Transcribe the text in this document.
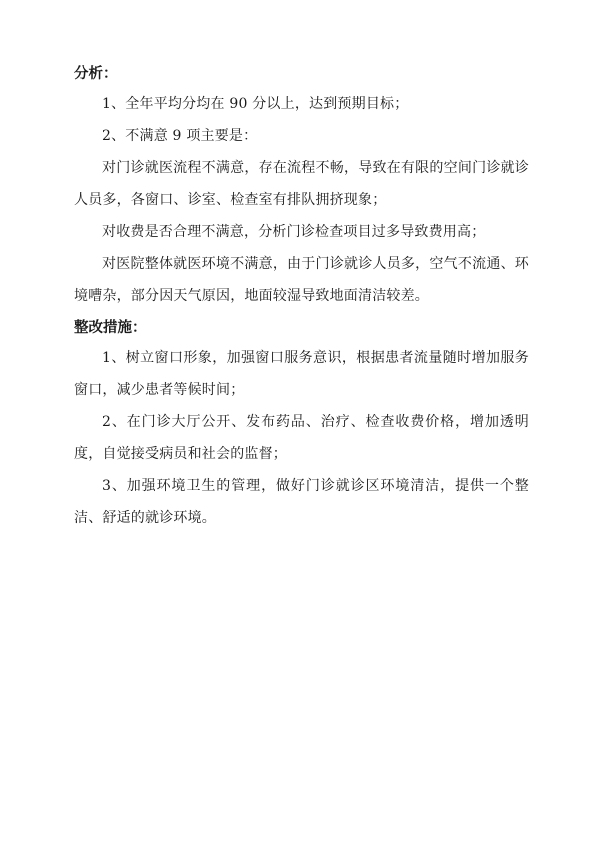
分析：
1、全年平均分均在 90 分以上，达到预期目标；
2、不满意 9 项主要是：
对门诊就医流程不满意，存在流程不畅，导致在有限的空间门诊就诊人员多，各窗口、诊室、检查室有排队拥挤现象；
对收费是否合理不满意，分析门诊检查项目过多导致费用高；
对医院整体就医环境不满意，由于门诊就诊人员多，空气不流通、环境嘈杂，部分因天气原因，地面较湿导致地面清洁较差。
整改措施：
1、树立窗口形象，加强窗口服务意识，根据患者流量随时增加服务窗口，减少患者等候时间；
2、在门诊大厅公开、发布药品、治疗、检查收费价格，增加透明度，自觉接受病员和社会的监督；
3、加强环境卫生的管理，做好门诊就诊区环境清洁，提供一个整洁、舒适的就诊环境。
